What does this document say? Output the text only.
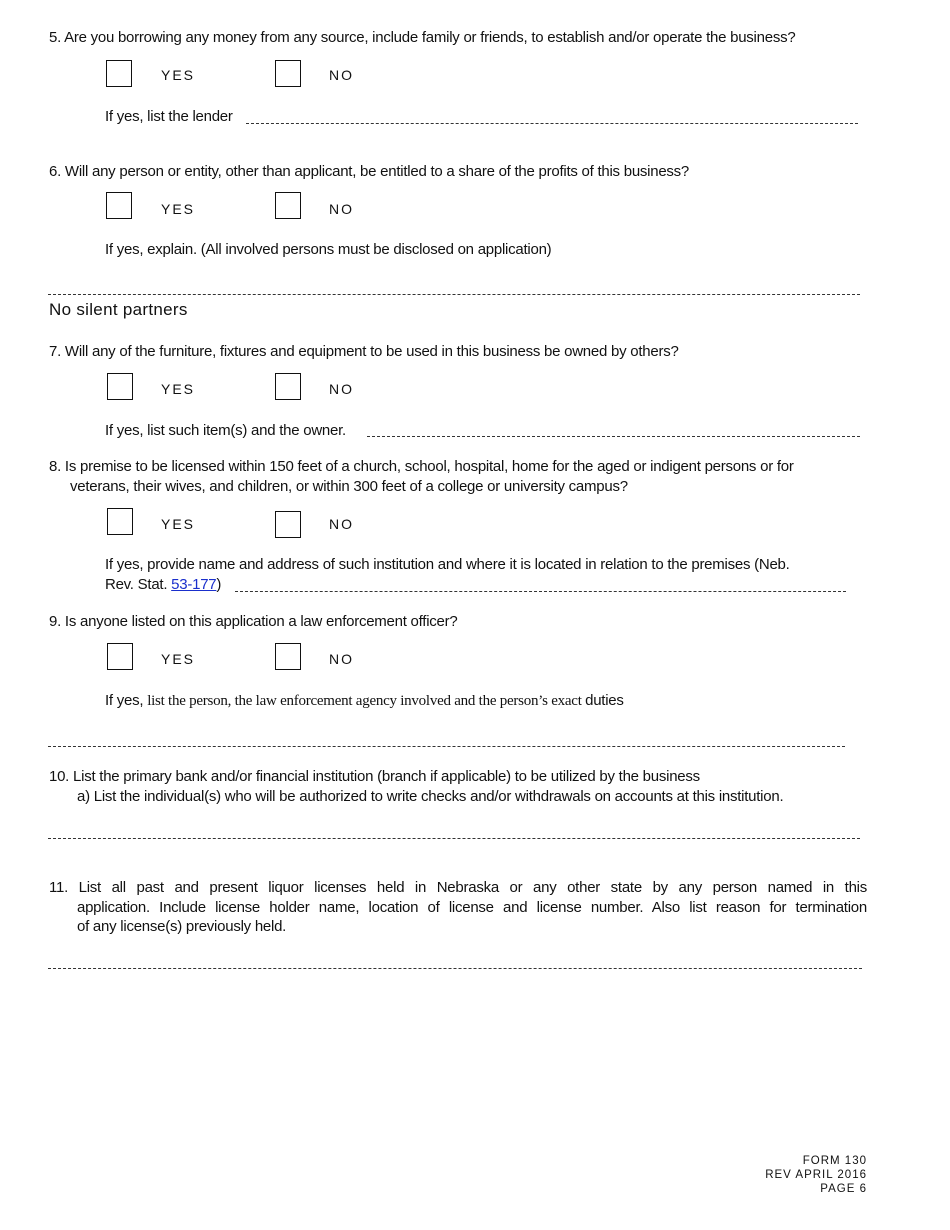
5. Are you borrowing any money from any source, include family or friends, to establish and/or operate the business?
YES	NO
If yes, list the lender
6. Will any person or entity, other than applicant, be entitled to a share of the profits of this business?
YES	NO
If yes, explain. (All involved persons must be disclosed on application)
No silent partners
7. Will any of the furniture, fixtures and equipment to be used in this business be owned by others?
YES	NO
If yes, list such item(s) and the owner.
8. Is premise to be licensed within 150 feet of a church, school, hospital, home for the aged or indigent persons or for
veterans, their wives, and children, or within 300 feet of a college or university campus?
YES	NO
If yes, provide name and address of such institution and where it is located in relation to the premises (Neb.
Rev. Stat. 53-177)
9. Is anyone listed on this application a law enforcement officer?
YES	NO
If yes, list the person, the law enforcement agency involved and the person’s exact duties
10. List the primary bank and/or financial institution (branch if applicable) to be utilized by the business
a) List the individual(s) who will be authorized to write checks and/or withdrawals on accounts at this institution.
11. List all past and present liquor licenses held in Nebraska or any other state by any person named in this
application. Include license holder name, location of license and license number. Also list reason for termination
of any license(s) previously held.
FORM 130
REV APRIL 2016
PAGE 6
